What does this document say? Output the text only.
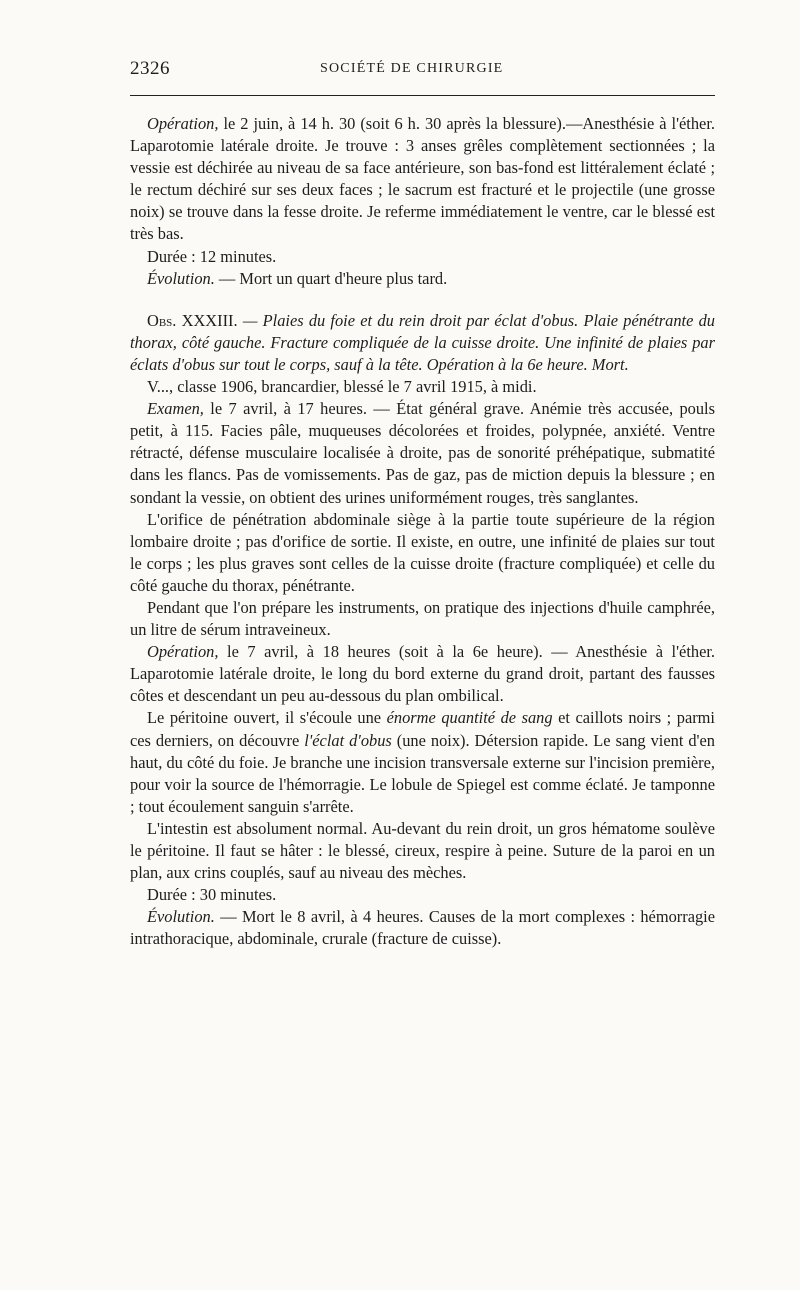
2326	SOCIÉTÉ DE CHIRURGIE

Opération, le 2 juin, à 14 h. 30 (soit 6 h. 30 après la blessure).—Anesthésie à l'éther. Laparotomie latérale droite. Je trouve : 3 anses grêles complètement sectionnées ; la vessie est déchirée au niveau de sa face antérieure, son bas-fond est littéralement éclaté ; le rectum déchiré sur ses deux faces ; le sacrum est fracturé et le projectile (une grosse noix) se trouve dans la fesse droite. Je referme immédiatement le ventre, car le blessé est très bas.

Durée : 12 minutes.

Évolution. — Mort un quart d'heure plus tard.

Obs. XXXIII. — Plaies du foie et du rein droit par éclat d'obus. Plaie pénétrante du thorax, côté gauche. Fracture compliquée de la cuisse droite. Une infinité de plaies par éclats d'obus sur tout le corps, sauf à la tête. Opération à la 6e heure. Mort.

V..., classe 1906, brancardier, blessé le 7 avril 1915, à midi.

Examen, le 7 avril, à 17 heures. — État général grave. Anémie très accusée, pouls petit, à 115. Facies pâle, muqueuses décolorées et froides, polypnée, anxiété. Ventre rétracté, défense musculaire localisée à droite, pas de sonorité préhépatique, submatité dans les flancs. Pas de vomissements. Pas de gaz, pas de miction depuis la blessure ; en sondant la vessie, on obtient des urines uniformément rouges, très sanglantes.

L'orifice de pénétration abdominale siège à la partie toute supérieure de la région lombaire droite ; pas d'orifice de sortie. Il existe, en outre, une infinité de plaies sur tout le corps ; les plus graves sont celles de la cuisse droite (fracture compliquée) et celle du côté gauche du thorax, pénétrante.

Pendant que l'on prépare les instruments, on pratique des injections d'huile camphrée, un litre de sérum intraveineux.

Opération, le 7 avril, à 18 heures (soit à la 6e heure). — Anesthésie à l'éther. Laparotomie latérale droite, le long du bord externe du grand droit, partant des fausses côtes et descendant un peu au-dessous du plan ombilical.

Le péritoine ouvert, il s'écoule une énorme quantité de sang et caillots noirs ; parmi ces derniers, on découvre l'éclat d'obus (une noix). Détersion rapide. Le sang vient d'en haut, du côté du foie. Je branche une incision transversale externe sur l'incision première, pour voir la source de l'hémorragie. Le lobule de Spiegel est comme éclaté. Je tamponne ; tout écoulement sanguin s'arrête.

L'intestin est absolument normal. Au-devant du rein droit, un gros hématome soulève le péritoine. Il faut se hâter : le blessé, cireux, respire à peine. Suture de la paroi en un plan, aux crins couplés, sauf au niveau des mèches.

Durée : 30 minutes.

Évolution. — Mort le 8 avril, à 4 heures. Causes de la mort complexes : hémorragie intrathoracique, abdominale, crurale (fracture de cuisse).
